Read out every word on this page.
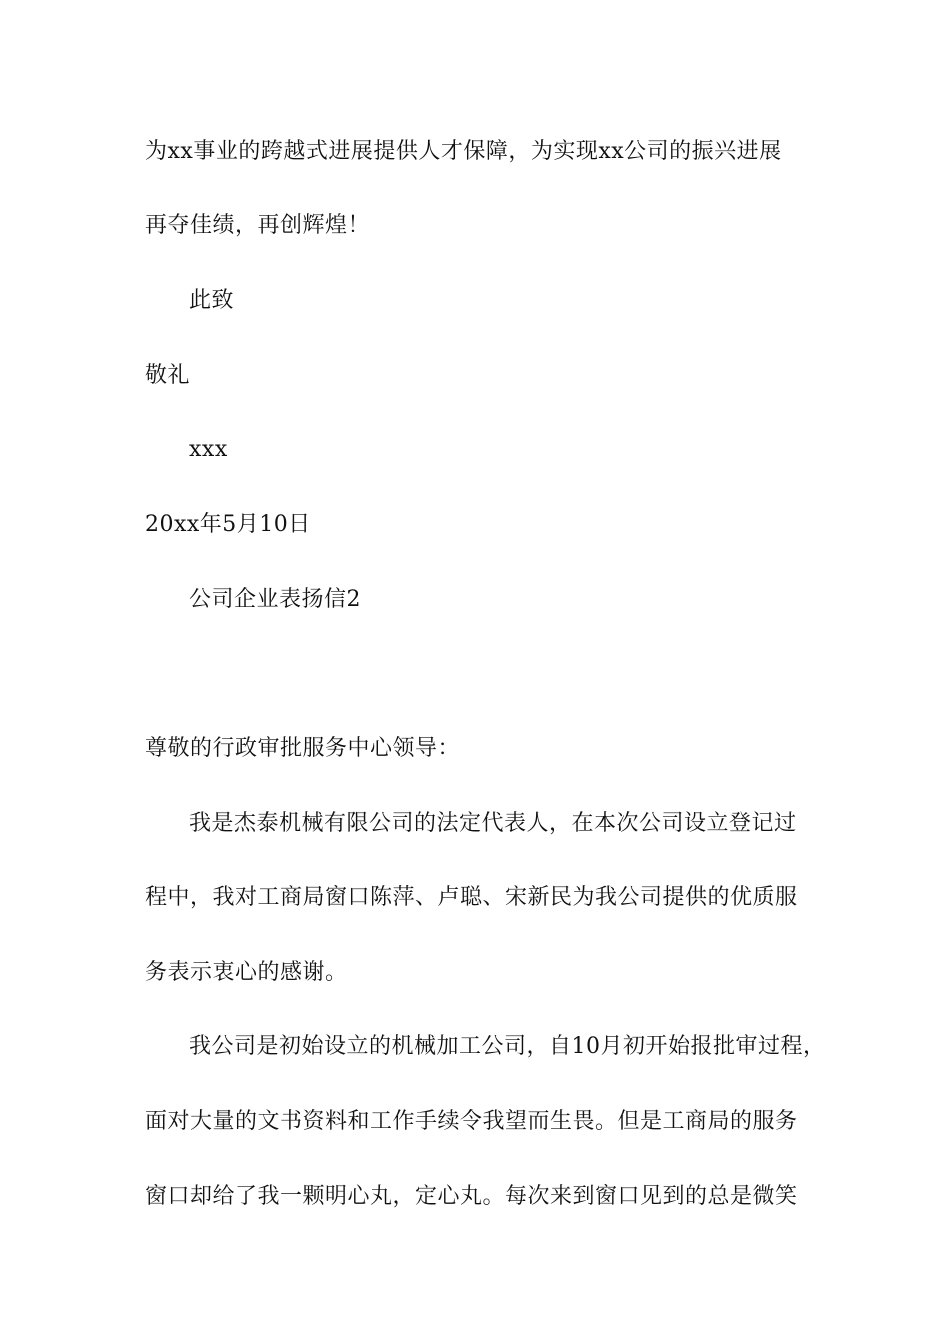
为xx事业的跨越式进展提供人才保障，为实现xx公司的振兴进展
再夺佳绩，再创辉煌！
此致
敬礼
xxx
20xx年5月10日
公司企业表扬信2
尊敬的行政审批服务中心领导：
我是杰泰机械有限公司的法定代表人，在本次公司设立登记过
程中，我对工商局窗口陈萍、卢聪、宋新民为我公司提供的优质服
务表示衷心的感谢。
我公司是初始设立的机械加工公司，自10月初开始报批审过程，
面对大量的文书资料和工作手续令我望而生畏。但是工商局的服务
窗口却给了我一颗明心丸，定心丸。每次来到窗口见到的总是微笑
